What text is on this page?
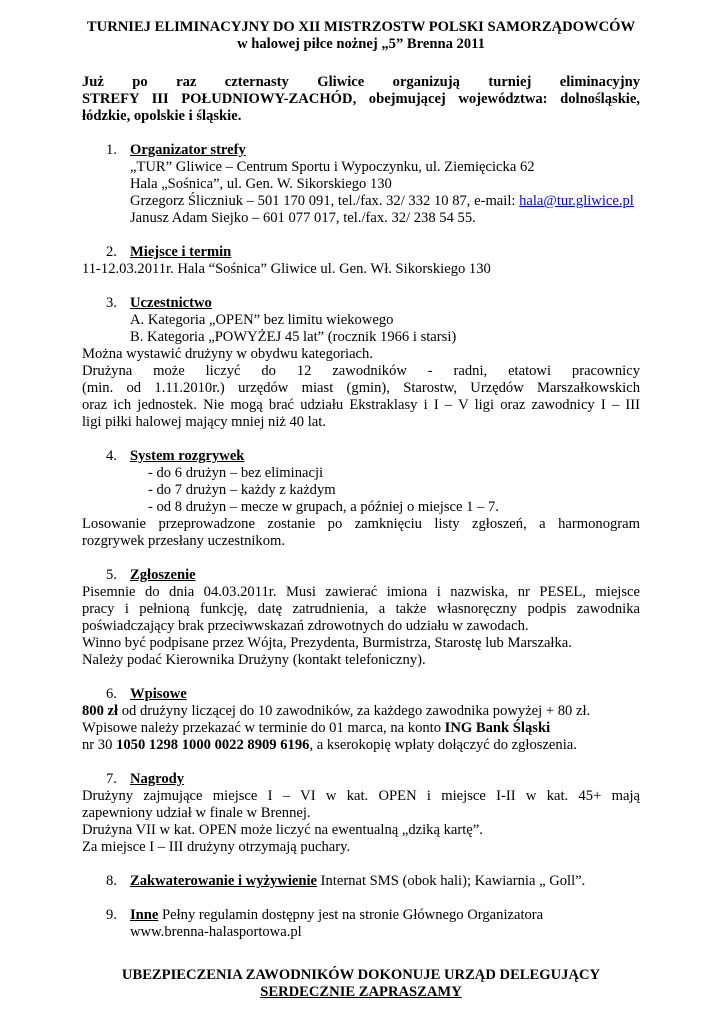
TURNIEJ ELIMINACYJNY DO XII MISTRZOSTW POLSKI SAMORZĄDOWCÓW

w halowej piłce nożnej „5” Brenna 2011

Już po raz czternasty Gliwice organizują turniej eliminacyjny
STREFY III POŁUDNIOWY-ZACHÓD, obejmującej województwa: dolnośląskie,
łódzkie, opolskie i śląskie.
1. Organizator strefy

„TUR” Gliwice – Centrum Sportu i Wypoczynku, ul. Ziemięcicka 62

Hala „Sośnica”, ul. Gen. W. Sikorskiego 130

Grzegorz Śliczniuk – 501 170 091, tel./fax. 32/ 332 10 87, e-mail: hala@tur.gliwice.pl

Janusz Adam Siejko – 601 077 017, tel./fax. 32/ 238 54 55.

2. Miejsce i termin

11-12.03.2011r. Hala “Sośnica” Gliwice ul. Gen. Wł. Sikorskiego 130

3. Uczestnictwo

A. Kategoria „OPEN” bez limitu wiekowego

B. Kategoria „POWYŻEJ 45 lat” (rocznik 1966 i starsi)

Można wystawić drużyny w obydwu kategoriach.

Drużyna może liczyć do 12 zawodników - radni, etatowi pracownicy

(min. od 1.11.2010r.) urzędów miast (gmin), Starostw, Urzędów Marszałkowskich

oraz ich jednostek. Nie mogą brać udziału Ekstraklasy i I – V ligi oraz zawodnicy I – III

ligi piłki halowej mający mniej niż 40 lat.

4. System rozgrywek

- do 6 drużyn – bez eliminacji

- do 7 drużyn – każdy z każdym

- od 8 drużyn – mecze w grupach, a później o miejsce 1 – 7.

Losowanie przeprowadzone zostanie po zamknięciu listy zgłoszeń, a harmonogram

rozgrywek przesłany uczestnikom.

5. Zgłoszenie

Pisemnie do dnia 04.03.2011r. Musi zawierać imiona i nazwiska, nr PESEL, miejsce

pracy i pełnioną funkcję, datę zatrudnienia, a także własnoręczny podpis zawodnika

poświadczający brak przeciwwskazań zdrowotnych do udziału w zawodach.

Winno być podpisane przez Wójta, Prezydenta, Burmistrza, Starostę lub Marszałka.

Należy podać Kierownika Drużyny (kontakt telefoniczny).

6. Wpisowe

800 zł od drużyny liczącej do 10 zawodników, za każdego zawodnika powyżej + 80 zł.

Wpisowe należy przekazać w terminie do 01 marca, na konto ING Bank Śląski

nr 30 1050 1298 1000 0022 8909 6196, a kserokopię wpłaty dołączyć do zgłoszenia.

7. Nagrody

Drużyny zajmujące miejsce I – VI w kat. OPEN i miejsce I-II w kat. 45+ mają

zapewniony udział w finale w Brennej.

Drużyna VII w kat. OPEN może liczyć na ewentualną „dziką kartę”.

Za miejsce I – III drużyny otrzymają puchary.

8. Zakwaterowanie i wyżywienie Internat SMS (obok hali); Kawiarnia „ Goll”.
9. Inne Pełny regulamin dostępny jest na stronie Głównego Organizatora

www.brenna-halasportowa.pl

UBEZPIECZENIA ZAWODNIKÓW DOKONUJE URZĄD DELEGUJĄCY

SERDECZNIE ZAPRASZAMY
